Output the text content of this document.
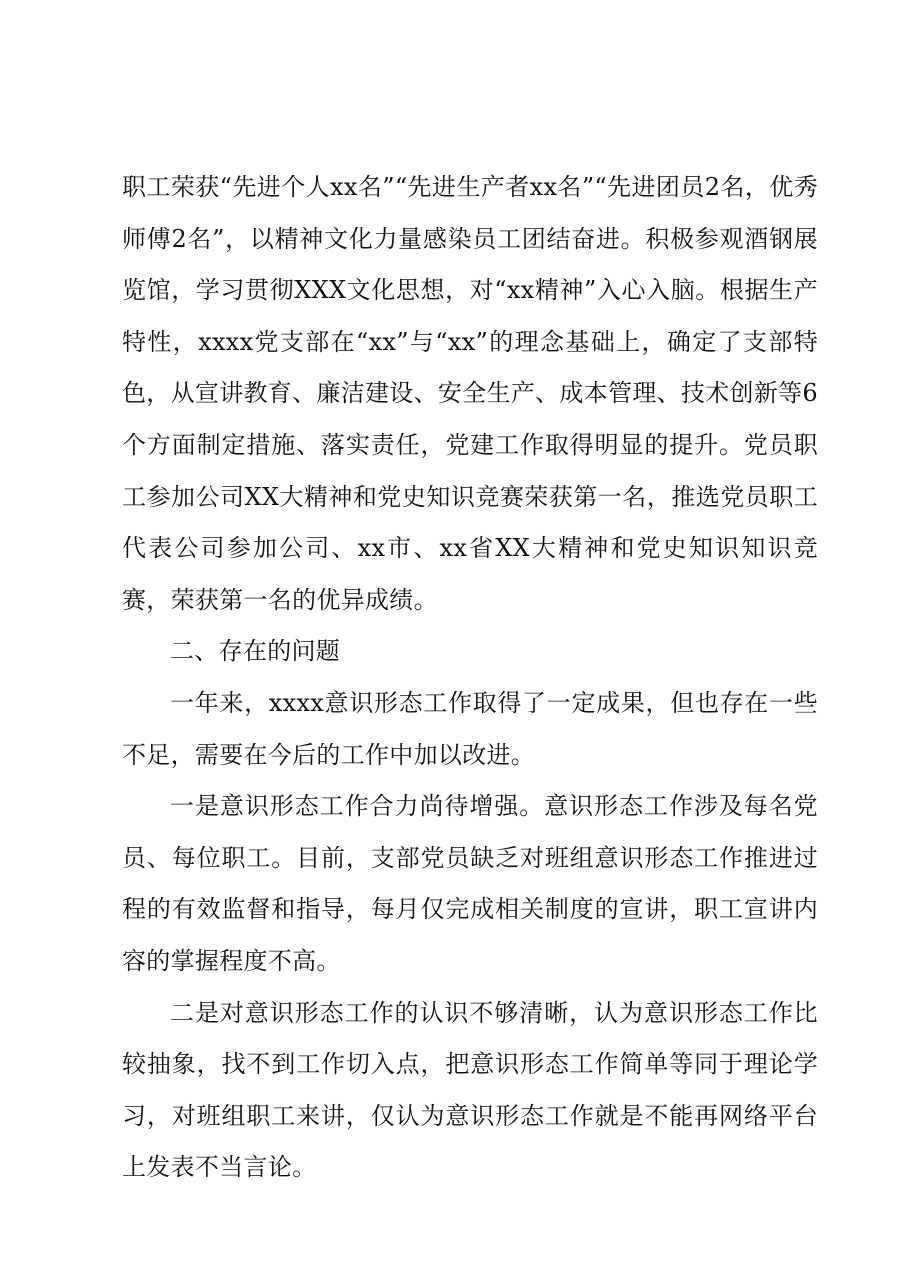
职工荣获“先进个人xx名”“先进生产者xx名”“先进团员2名，优秀师傅2名”，以精神文化力量感染员工团结奋进。积极参观酒钢展览馆，学习贯彻XXX文化思想，对“xx精神”入心入脑。根据生产特性，xxxx党支部在“xx”与“xx”的理念基础上，确定了支部特色，从宣讲教育、廉洁建设、安全生产、成本管理、技术创新等6个方面制定措施、落实责任，党建工作取得明显的提升。党员职工参加公司XX大精神和党史知识竞赛荣获第一名，推选党员职工代表公司参加公司、xx市、xx省XX大精神和党史知识知识竞赛，荣获第一名的优异成绩。

二、存在的问题

一年来，xxxx意识形态工作取得了一定成果，但也存在一些不足，需要在今后的工作中加以改进。

一是意识形态工作合力尚待增强。意识形态工作涉及每名党员、每位职工。目前，支部党员缺乏对班组意识形态工作推进过程的有效监督和指导，每月仅完成相关制度的宣讲，职工宣讲内容的掌握程度不高。

二是对意识形态工作的认识不够清晰，认为意识形态工作比较抽象，找不到工作切入点，把意识形态工作简单等同于理论学习，对班组职工来讲，仅认为意识形态工作就是不能再网络平台上发表不当言论。
